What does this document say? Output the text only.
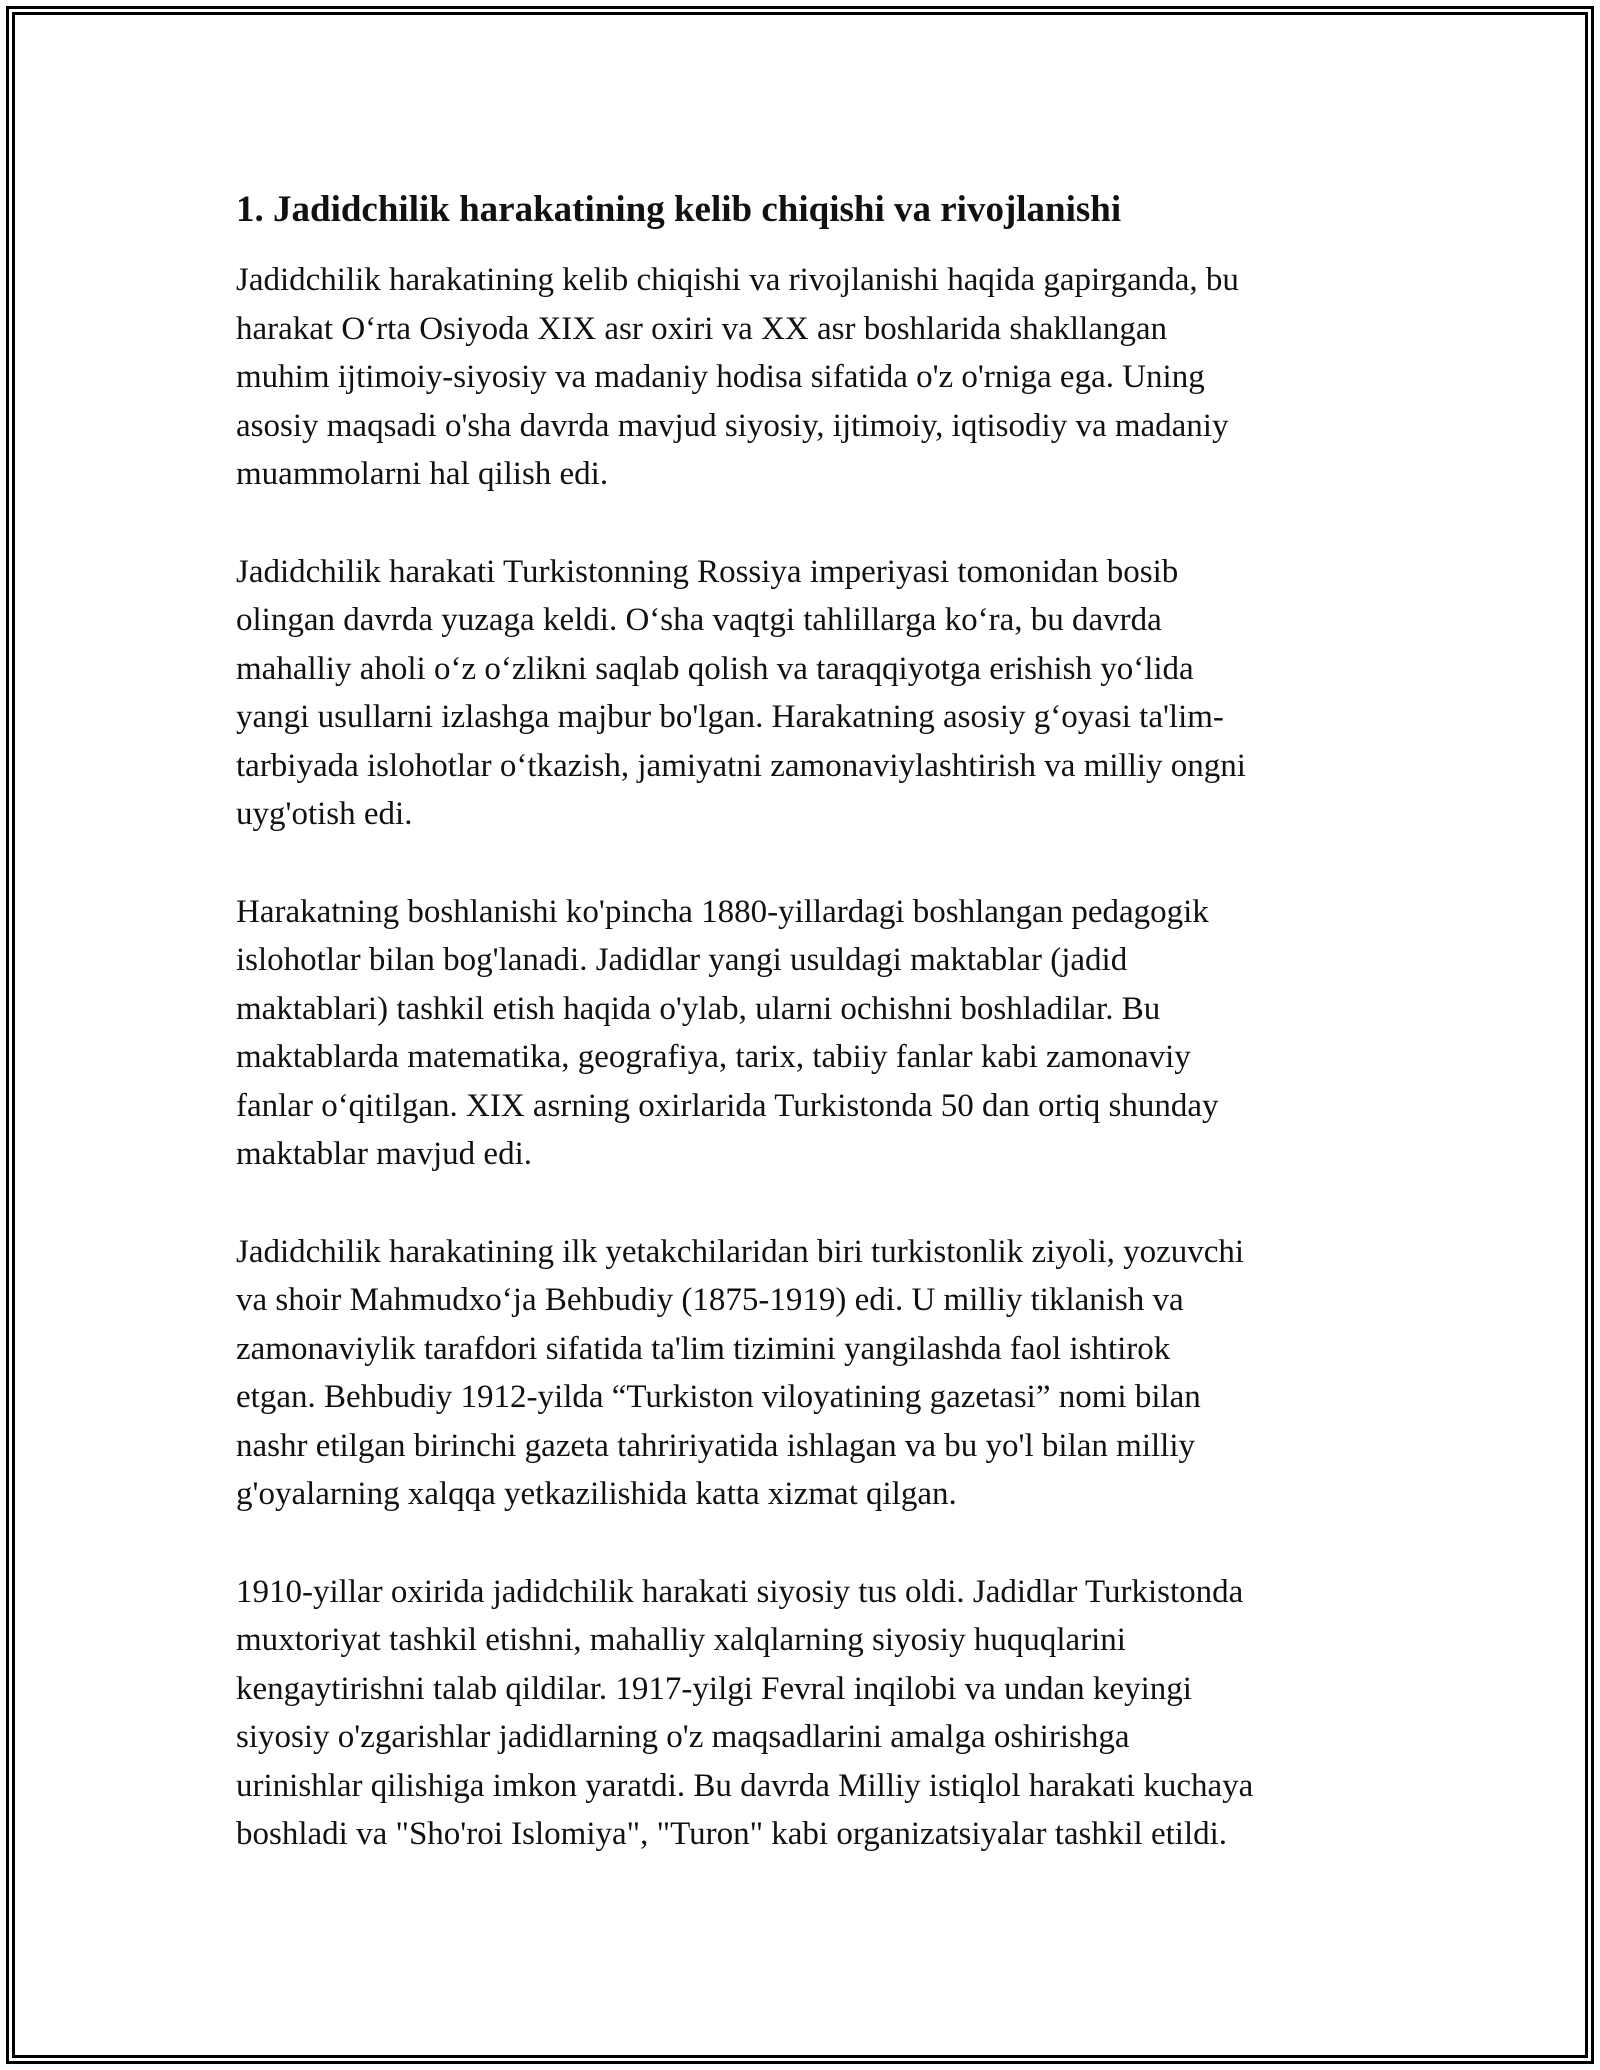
1. Jadidchilik harakatining kelib chiqishi va rivojlanishi

Jadidchilik harakatining kelib chiqishi va rivojlanishi haqida gapirganda, bu
harakat O‘rta Osiyoda XIX asr oxiri va XX asr boshlarida shakllangan
muhim ijtimoiy-siyosiy va madaniy hodisa sifatida o'z o'rniga ega. Uning
asosiy maqsadi o'sha davrda mavjud siyosiy, ijtimoiy, iqtisodiy va madaniy
muammolarni hal qilish edi.

Jadidchilik harakati Turkistonning Rossiya imperiyasi tomonidan bosib
olingan davrda yuzaga keldi. O‘sha vaqtgi tahlillarga ko‘ra, bu davrda
mahalliy aholi o‘z o‘zlikni saqlab qolish va taraqqiyotga erishish yo‘lida
yangi usullarni izlashga majbur bo'lgan. Harakatning asosiy g‘oyasi ta'lim-
tarbiyada islohotlar o‘tkazish, jamiyatni zamonaviylashtirish va milliy ongni
uyg'otish edi.

Harakatning boshlanishi ko'pincha 1880-yillardagi boshlangan pedagogik
islohotlar bilan bog'lanadi. Jadidlar yangi usuldagi maktablar (jadid
maktablari) tashkil etish haqida o'ylab, ularni ochishni boshladilar. Bu
maktablarda matematika, geografiya, tarix, tabiiy fanlar kabi zamonaviy
fanlar o‘qitilgan. XIX asrning oxirlarida Turkistonda 50 dan ortiq shunday
maktablar mavjud edi.

Jadidchilik harakatining ilk yetakchilaridan biri turkistonlik ziyoli, yozuvchi
va shoir Mahmudxo‘ja Behbudiy (1875-1919) edi. U milliy tiklanish va
zamonaviylik tarafdori sifatida ta'lim tizimini yangilashda faol ishtirok
etgan. Behbudiy 1912-yilda “Turkiston viloyatining gazetasi” nomi bilan
nashr etilgan birinchi gazeta tahririyatida ishlagan va bu yo'l bilan milliy
g'oyalarning xalqqa yetkazilishida katta xizmat qilgan.

1910-yillar oxirida jadidchilik harakati siyosiy tus oldi. Jadidlar Turkistonda
muxtoriyat tashkil etishni, mahalliy xalqlarning siyosiy huquqlarini
kengaytirishni talab qildilar. 1917-yilgi Fevral inqilobi va undan keyingi
siyosiy o'zgarishlar jadidlarning o'z maqsadlarini amalga oshirishga
urinishlar qilishiga imkon yaratdi. Bu davrda Milliy istiqlol harakati kuchaya
boshladi va "Sho'roi Islomiya", "Turon" kabi organizatsiyalar tashkil etildi.
